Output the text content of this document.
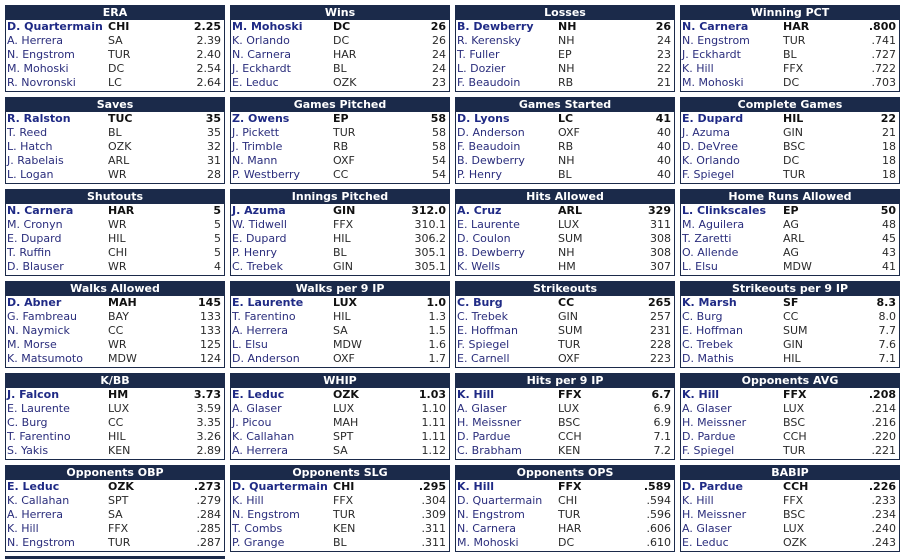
ERA
D. Quartermain CHI	2.25
A. Herrera	SA	2.39
N. Engstrom	TUR	2.40
M. Mohoski	DC	2.54
R. Novronski	LC	2.64
Wins
M. Mohoski	DC	26
K. Orlando	DC	26
N. Carnera	HAR	24
J. Eckhardt	BL	24
E. Leduc	OZK	23
Losses
B. Dewberry NH	26
R. Kerensky	NH	24
T. Fuller	EP	23
L. Dozier	NH	22
F. Beaudoin	RB	21
Winning PCT
N. Carnera	HAR	.800
N. Engstrom	TUR	.741
J. Eckhardt	BL	.727
K. Hill	FFX	.722
M. Mohoski	DC	.703
Saves
R. Ralston	TUC	35
T. Reed	BL	35
L. Hatch	OZK	32
J. Rabelais	ARL	31
L. Logan	WR	28
Games Pitched
Z. Owens	EP	58
J. Pickett	TUR	58
J. Trimble	RB	58
N. Mann	OXF	54
P. Westberry	CC	54
Games Started
D. Lyons	LC	41
D. Anderson	OXF	40
F. Beaudoin	RB	40
B. Dewberry	NH	40
P. Henry	BL	40
Complete Games
E. Dupard	HIL	22
J. Azuma	GIN	21
D. DeVree	BSC	18
K. Orlando	DC	18
F. Spiegel	TUR	18
Shutouts
N. Carnera	HAR	5
M. Cronyn	WR	5
E. Dupard	HIL	5
T. Ruffin	CHI	5
D. Blauser	WR	4
Innings Pitched
J. Azuma	GIN	312.0
W. Tidwell	FFX	310.1
E. Dupard	HIL	306.2
P. Henry	BL	305.1
C. Trebek	GIN	305.1
Hits Allowed
A. Cruz	ARL	329
E. Laurente	LUX	311
D. Coulon	SUM	308
B. Dewberry	NH	308
K. Wells	HM	307
Home Runs Allowed
L. Clinkscales EP	50
M. Aguilera	AG	48
T. Zaretti	ARL	45
O. Allende	AG	43
L. Elsu	MDW	41
Walks Allowed
D. Abner	MAH	145
G. Fambreau	BAY	133
N. Naymick	CC	133
M. Morse	WR	125
K. Matsumoto MDW	124
Walks per 9 IP
E. Laurente	LUX	1.0
T. Farentino	HIL	1.3
A. Herrera	SA	1.5
L. Elsu	MDW	1.6
D. Anderson	OXF	1.7
Strikeouts
C. Burg	CC	265
C. Trebek	GIN	257
E. Hoffman	SUM	231
F. Spiegel	TUR	228
E. Carnell	OXF	223
Strikeouts per 9 IP
K. Marsh	SF	8.3
C. Burg	CC	8.0
E. Hoffman	SUM	7.7
C. Trebek	GIN	7.6
D. Mathis	HIL	7.1
K/BB
J. Falcon	HM	3.73
E. Laurente	LUX	3.59
C. Burg	CC	3.35
T. Farentino	HIL	3.26
S. Yakis	KEN	2.89
WHIP
E. Leduc	OZK	1.03
A. Glaser	LUX	1.10
J. Picou	MAH	1.11
K. Callahan	SPT	1.11
A. Herrera	SA	1.12
Hits per 9 IP
K. Hill	FFX	6.7
A. Glaser	LUX	6.9
H. Meissner	BSC	6.9
D. Pardue	CCH	7.1
C. Brabham	KEN	7.2
Opponents AVG
K. Hill	FFX	.208
A. Glaser	LUX	.214
H. Meissner	BSC	.216
D. Pardue	CCH	.220
F. Spiegel	TUR	.221
Opponents OBP
E. Leduc	OZK	.273
K. Callahan	SPT	.279
A. Herrera	SA	.284
K. Hill	FFX	.285
N. Engstrom	TUR	.287
Opponents SLG
D. Quartermain CHI	.295
K. Hill	FFX	.304
N. Engstrom	TUR	.309
T. Combs	KEN	.311
P. Grange	BL	.311
Opponents OPS
K. Hill	FFX	.589
D. Quartermain CHI	.594
N. Engstrom	TUR	.596
N. Carnera	HAR	.606
M. Mohoski	DC	.610
BABIP
D. Pardue	CCH	.226
K. Hill	FFX	.233
H. Meissner	BSC	.234
A. Glaser	LUX	.240
E. Leduc	OZK	.243
